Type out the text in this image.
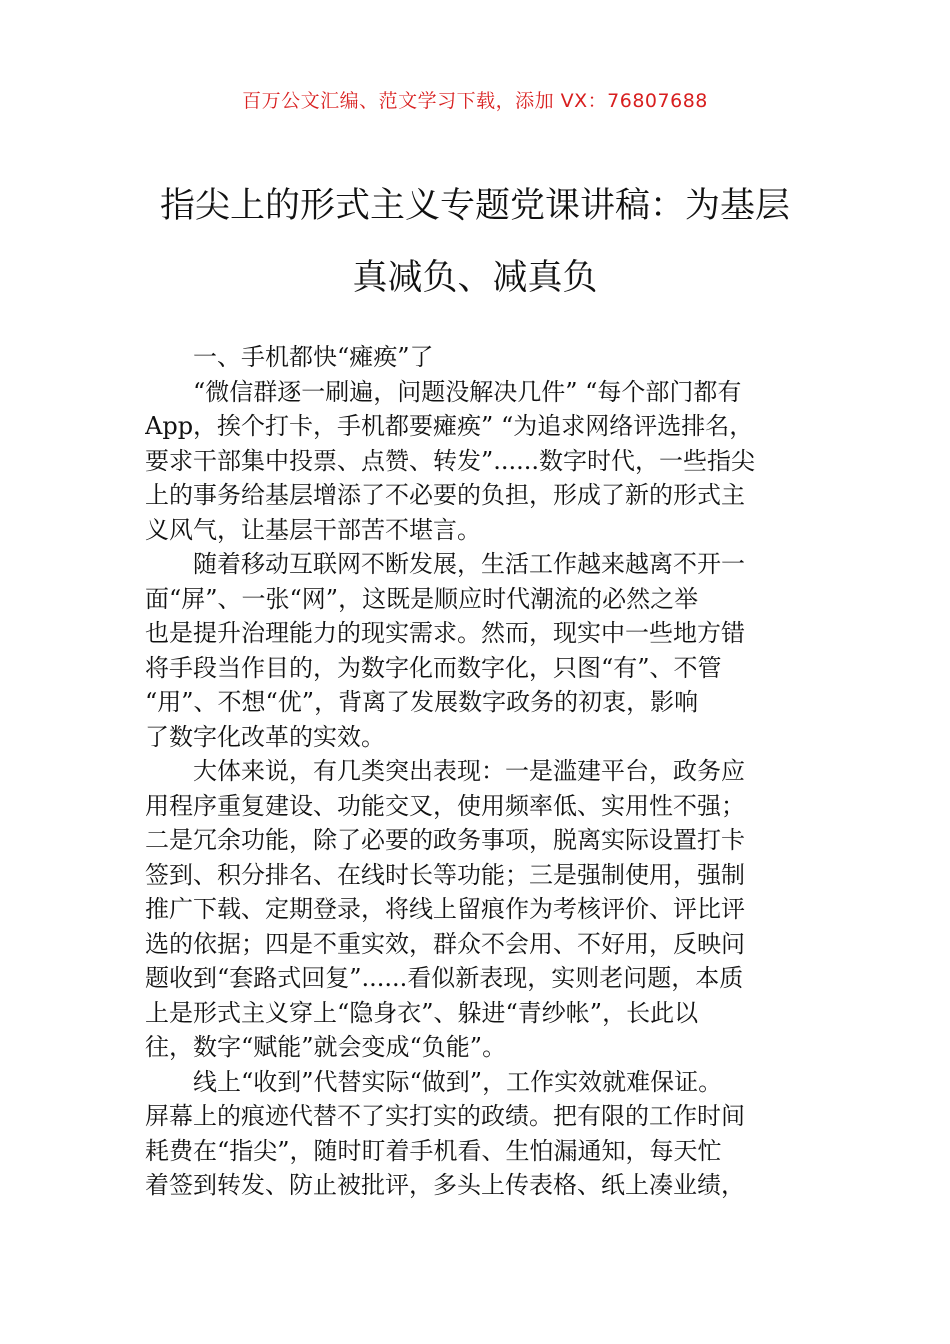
百万公文汇编、范文学习下载，添加 VX：76807688
指尖上的形式主义专题党课讲稿：为基层
真减负、减真负
一、手机都快“瘫痪”了
“微信群逐一刷遍，问题没解决几件” “每个部门都有
App，挨个打卡，手机都要瘫痪” “为追求网络评选排名，
要求干部集中投票、点赞、转发”......数字时代，一些指尖
上的事务给基层增添了不必要的负担，形成了新的形式主
义风气，让基层干部苦不堪言。
随着移动互联网不断发展，生活工作越来越离不开一
面“屏”、一张“网”，这既是顺应时代潮流的必然之举
也是提升治理能力的现实需求。然而，现实中一些地方错
将手段当作目的，为数字化而数字化，只图“有”、不管
“用”、不想“优”，背离了发展数字政务的初衷，影响
了数字化改革的实效。
大体来说，有几类突出表现：一是滥建平台，政务应
用程序重复建设、功能交叉，使用频率低、实用性不强；
二是冗余功能，除了必要的政务事项，脱离实际设置打卡
签到、积分排名、在线时长等功能；三是强制使用，强制
推广下载、定期登录，将线上留痕作为考核评价、评比评
选的依据；四是不重实效，群众不会用、不好用，反映问
题收到“套路式回复”......看似新表现，实则老问题，本质
上是形式主义穿上“隐身衣”、躲进“青纱帐”，长此以
往，数字“赋能”就会变成“负能”。
线上“收到”代替实际“做到”，工作实效就难保证。
屏幕上的痕迹代替不了实打实的政绩。把有限的工作时间
耗费在“指尖”，随时盯着手机看、生怕漏通知，每天忙
着签到转发、防止被批评，多头上传表格、纸上凑业绩，
